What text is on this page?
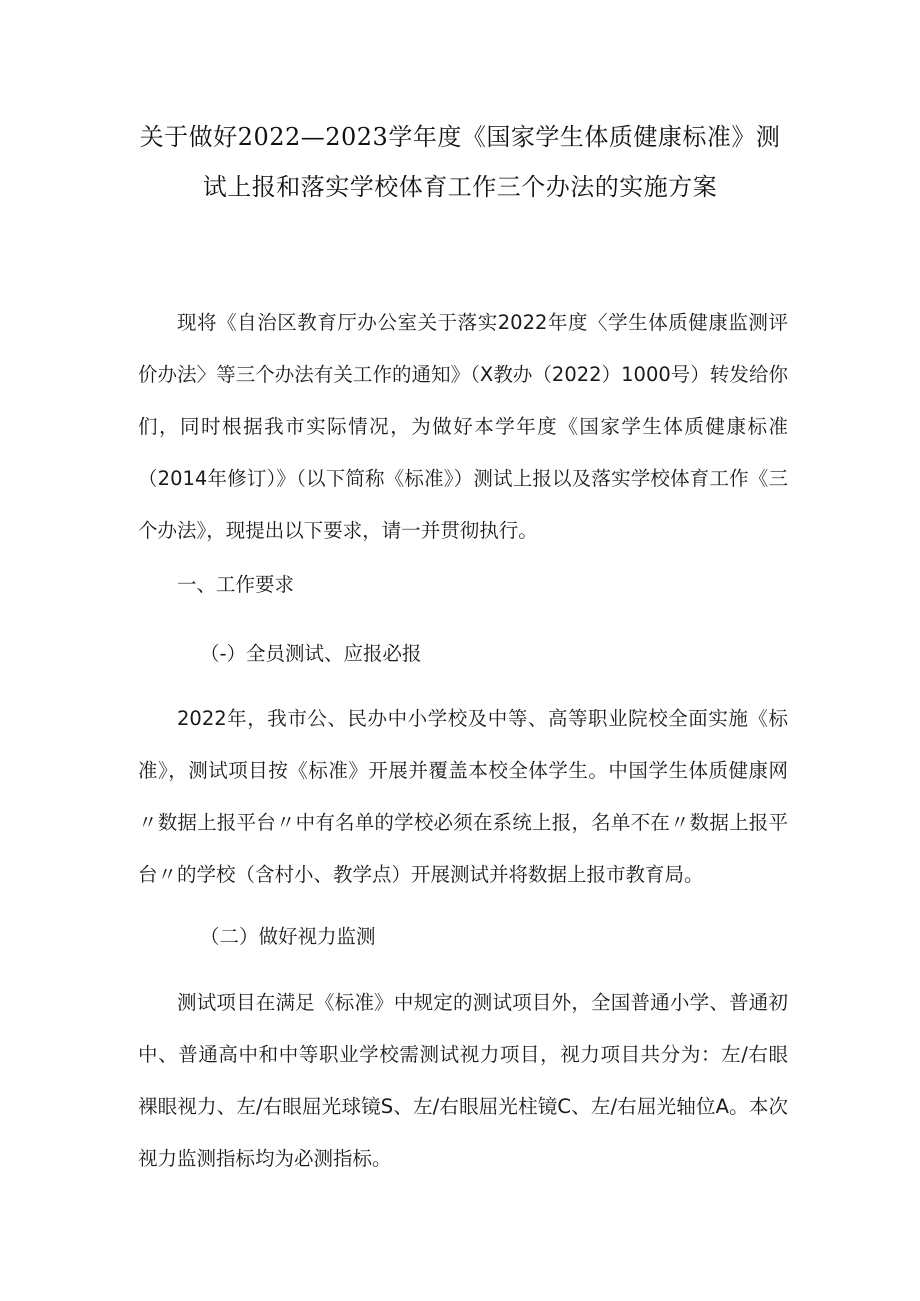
关于做好2022—2023学年度《国家学生体质健康标准》测试上报和落实学校体育工作三个办法的实施方案

现将《自治区教育厅办公室关于落实2022年度〈学生体质健康监测评价办法〉等三个办法有关工作的通知》（X教办（2022）1000号）转发给你们，同时根据我市实际情况，为做好本学年度《国家学生体质健康标准（2014年修订）》（以下简称《标准》）测试上报以及落实学校体育工作《三个办法》，现提出以下要求，请一并贯彻执行。

一、工作要求

（-）全员测试、应报必报

2022年，我市公、民办中小学校及中等、高等职业院校全面实施《标准》，测试项目按《标准》开展并覆盖本校全体学生。中国学生体质健康网〃数据上报平台〃中有名单的学校必须在系统上报，名单不在〃数据上报平台〃的学校（含村小、教学点）开展测试并将数据上报市教育局。

（二）做好视力监测

测试项目在满足《标准》中规定的测试项目外，全国普通小学、普通初中、普通高中和中等职业学校需测试视力项目，视力项目共分为：左/右眼裸眼视力、左/右眼屈光球镜S、左/右眼屈光柱镜C、左/右屈光轴位A。本次视力监测指标均为必测指标。
